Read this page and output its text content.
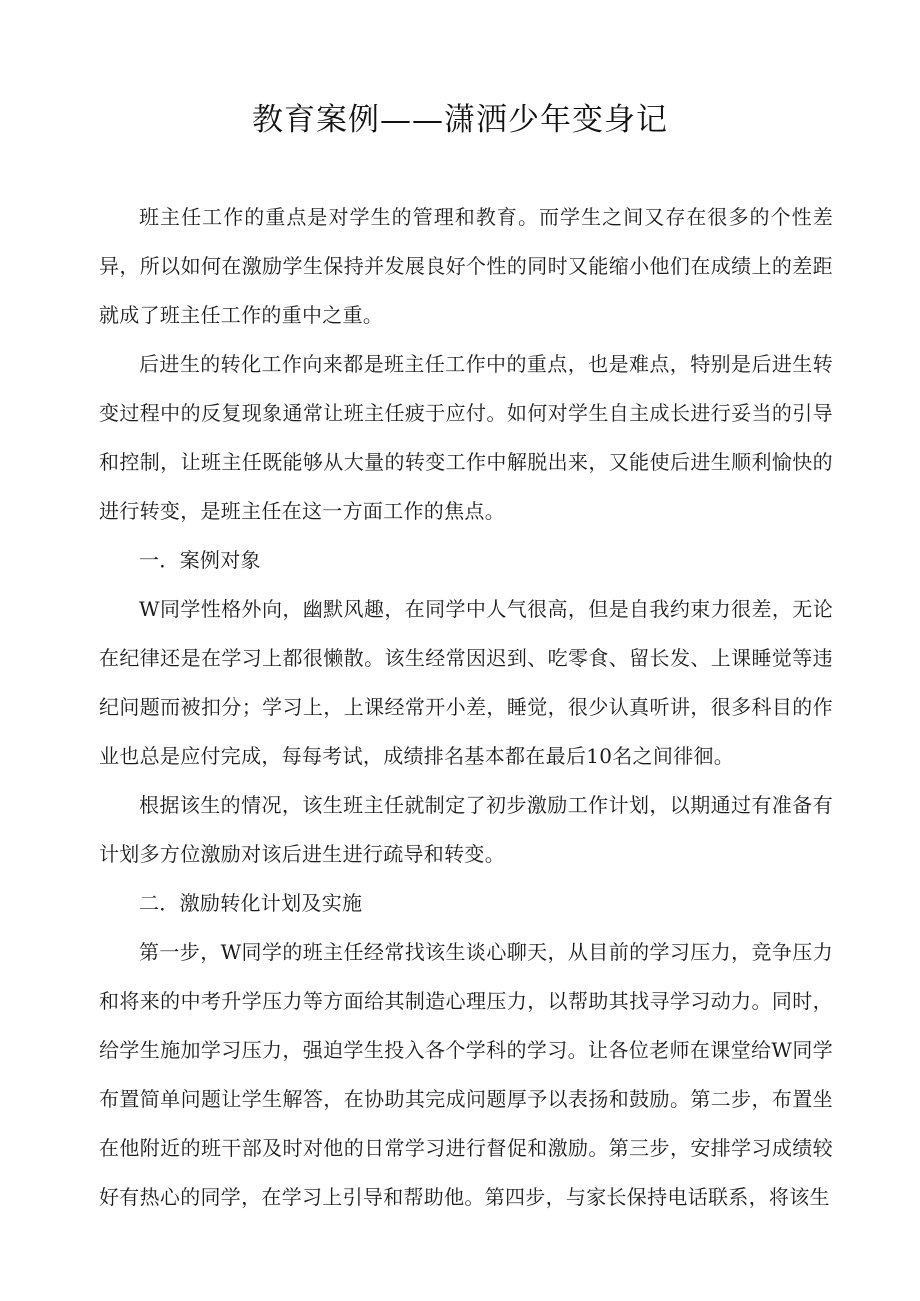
教育案例——潇洒少年变身记

班主任工作的重点是对学生的管理和教育。而学生之间又存在很多的个性差异，所以如何在激励学生保持并发展良好个性的同时又能缩小他们在成绩上的差距就成了班主任工作的重中之重。

后进生的转化工作向来都是班主任工作中的重点，也是难点，特别是后进生转变过程中的反复现象通常让班主任疲于应付。如何对学生自主成长进行妥当的引导和控制，让班主任既能够从大量的转变工作中解脱出来，又能使后进生顺利愉快的进行转变，是班主任在这一方面工作的焦点。

一．案例对象

W同学性格外向，幽默风趣，在同学中人气很高，但是自我约束力很差，无论在纪律还是在学习上都很懒散。该生经常因迟到、吃零食、留长发、上课睡觉等违纪问题而被扣分；学习上，上课经常开小差，睡觉，很少认真听讲，很多科目的作业也总是应付完成，每每考试，成绩排名基本都在最后10名之间徘徊。

根据该生的情况，该生班主任就制定了初步激励工作计划，以期通过有准备有计划多方位激励对该后进生进行疏导和转变。

二．激励转化计划及实施

第一步，W同学的班主任经常找该生谈心聊天，从目前的学习压力，竞争压力和将来的中考升学压力等方面给其制造心理压力，以帮助其找寻学习动力。同时，给学生施加学习压力，强迫学生投入各个学科的学习。让各位老师在课堂给W同学布置简单问题让学生解答，在协助其完成问题厚予以表扬和鼓励。第二步，布置坐在他附近的班干部及时对他的日常学习进行督促和激励。第三步，安排学习成绩较好有热心的同学，在学习上引导和帮助他。第四步，与家长保持电话联系，将该生
